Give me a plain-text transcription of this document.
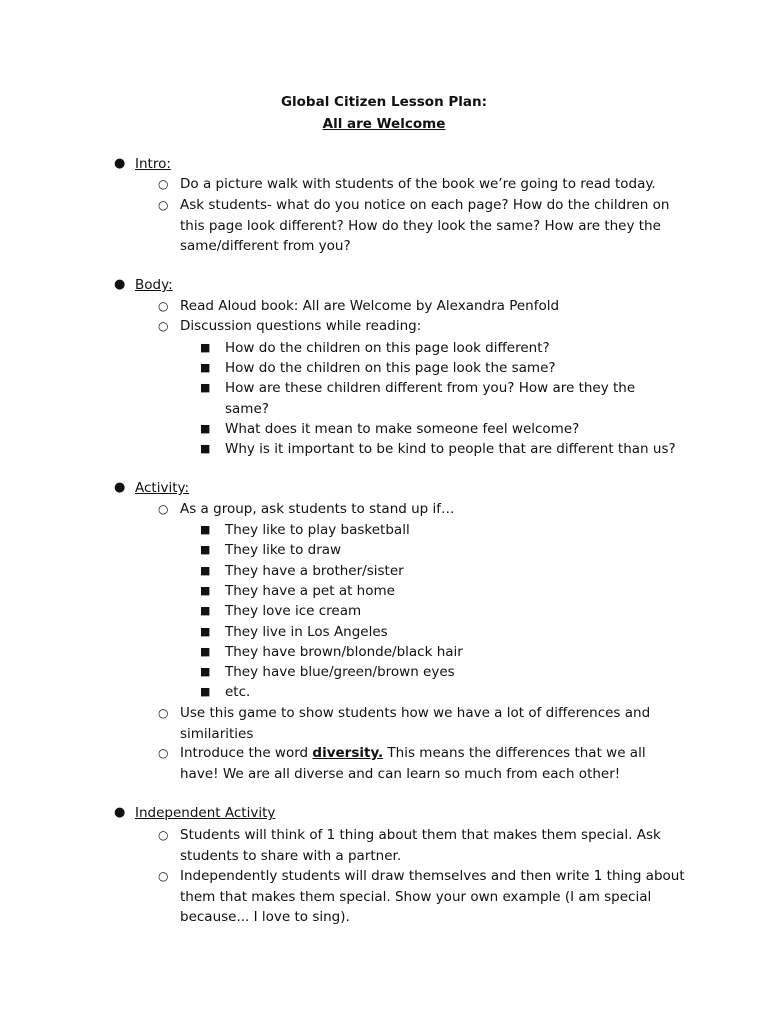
Global Citizen Lesson Plan:
All are Welcome
● Intro:
○ Do a picture walk with students of the book we’re going to read today.
○ Ask students- what do you notice on each page? How do the children on this page look different? How do they look the same? How are they the same/different from you?
● Body:
○ Read Aloud book: All are Welcome by Alexandra Penfold
○ Discussion questions while reading:
■ How do the children on this page look different?
■ How do the children on this page look the same?
■ How are these children different from you? How are they the same?
■ What does it mean to make someone feel welcome?
■ Why is it important to be kind to people that are different than us?
● Activity:
○ As a group, ask students to stand up if…
■ They like to play basketball
■ They like to draw
■ They have a brother/sister
■ They have a pet at home
■ They love ice cream
■ They live in Los Angeles
■ They have brown/blonde/black hair
■ They have blue/green/brown eyes
■ etc.
○ Use this game to show students how we have a lot of differences and similarities
○ Introduce the word diversity. This means the differences that we all have! We are all diverse and can learn so much from each other!
● Independent Activity
○ Students will think of 1 thing about them that makes them special. Ask students to share with a partner.
○ Independently students will draw themselves and then write 1 thing about them that makes them special. Show your own example (I am special because... I love to sing).
